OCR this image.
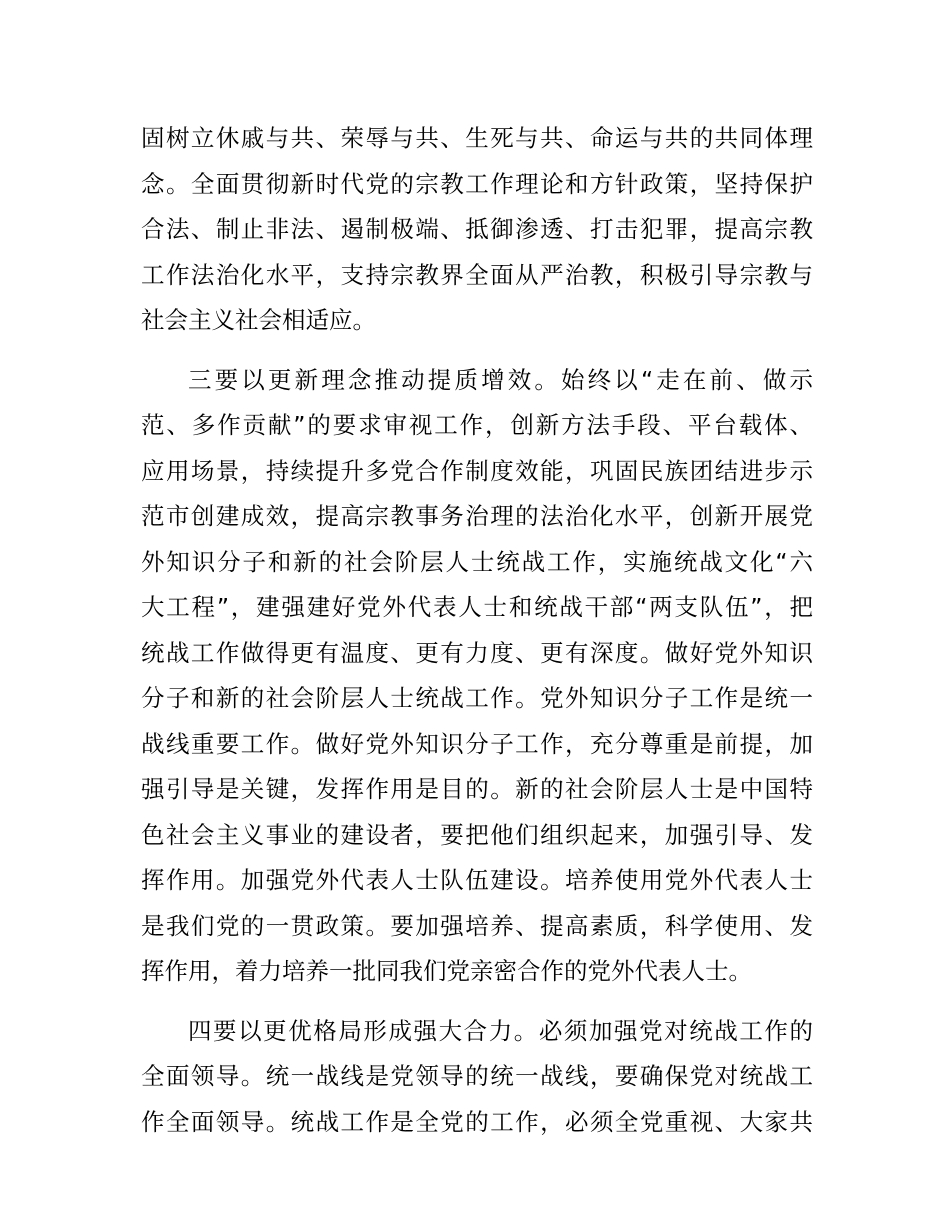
固树立休戚与共、荣辱与共、生死与共、命运与共的共同体理
念。全面贯彻新时代党的宗教工作理论和方针政策，坚持保护
合法、制止非法、遏制极端、抵御渗透、打击犯罪，提高宗教
工作法治化水平，支持宗教界全面从严治教，积极引导宗教与
社会主义社会相适应。
三要以更新理念推动提质增效。始终以“走在前、做示
范、多作贡献”的要求审视工作，创新方法手段、平台载体、
应用场景，持续提升多党合作制度效能，巩固民族团结进步示
范市创建成效，提高宗教事务治理的法治化水平，创新开展党
外知识分子和新的社会阶层人士统战工作，实施统战文化“六
大工程”，建强建好党外代表人士和统战干部“两支队伍”，把
统战工作做得更有温度、更有力度、更有深度。做好党外知识
分子和新的社会阶层人士统战工作。党外知识分子工作是统一
战线重要工作。做好党外知识分子工作，充分尊重是前提，加
强引导是关键，发挥作用是目的。新的社会阶层人士是中国特
色社会主义事业的建设者，要把他们组织起来，加强引导、发
挥作用。加强党外代表人士队伍建设。培养使用党外代表人士
是我们党的一贯政策。要加强培养、提高素质，科学使用、发
挥作用，着力培养一批同我们党亲密合作的党外代表人士。
四要以更优格局形成强大合力。必须加强党对统战工作的
全面领导。统一战线是党领导的统一战线，要确保党对统战工
作全面领导。统战工作是全党的工作，必须全党重视、大家共
